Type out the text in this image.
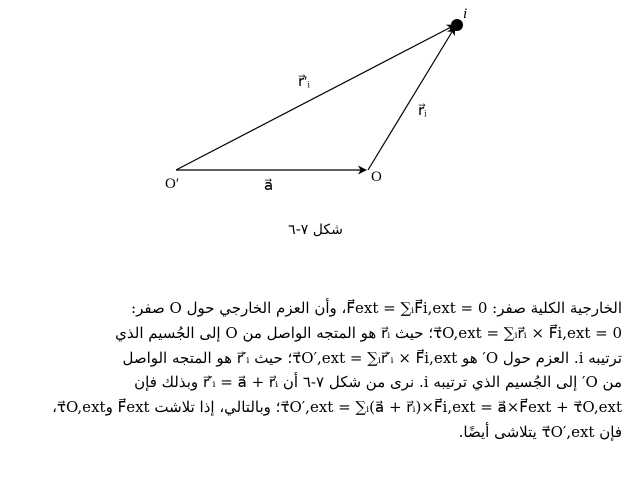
i
r⃗′ᵢ
r⃗ᵢ
O′	O
a⃗
شكل ٧-٦
الخارجية الكلية صفر: F⃗ext = ∑ᵢF⃗i,ext = 0، وأن العزم الخارجي حول O صفر:
τ⃗O,ext = ∑ᵢr⃗ᵢ × F⃗i,ext = 0؛ حيث r⃗ᵢ هو المتجه الواصل من O إلى الجُسيم الذي
ترتيبه i. العزم حول O′ هو τ⃗O′,ext = ∑ᵢr⃗′ᵢ × F⃗i,ext؛ حيث r⃗′ᵢ هو المتجه الواصل
من O′ إلى الجُسيم الذي ترتيبه i. نرى من شكل ٧-٦ أن r⃗′ᵢ = a⃗ + r⃗ᵢ وبذلك فإن
τ⃗O′,ext = ∑ᵢ(a⃗ + r⃗ᵢ)×F⃗i,ext = a⃗×F⃗ext + τ⃗O,ext؛ وبالتالي، إذا تلاشت F⃗ext وτ⃗O,ext،
فإن τ⃗O′,ext يتلاشى أيضًا.
